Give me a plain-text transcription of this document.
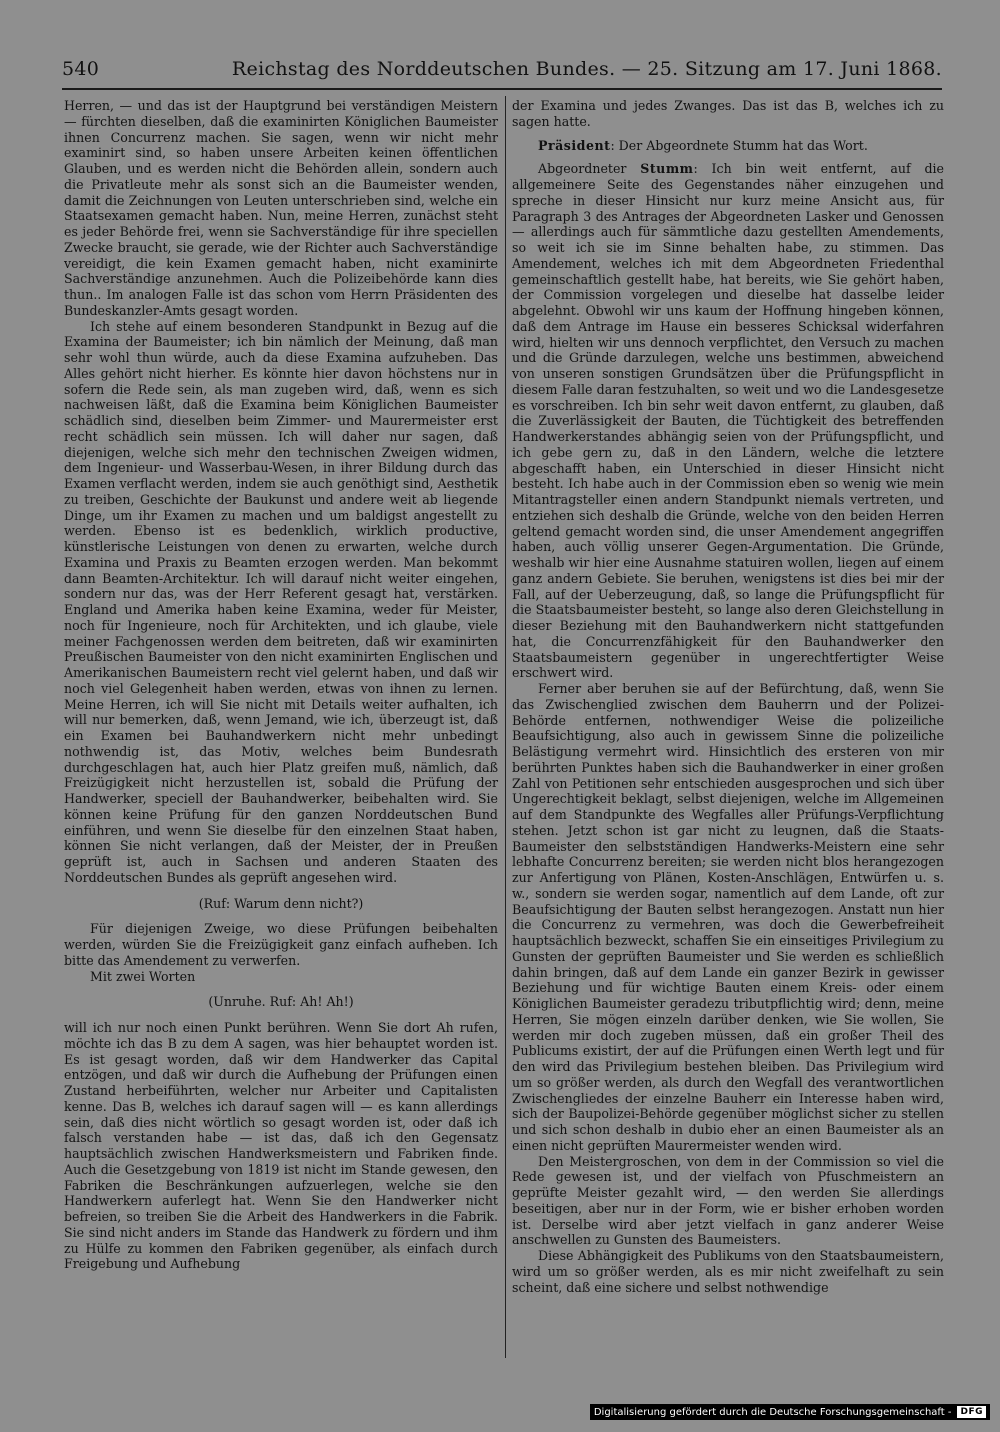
540	Reichstag des Norddeutschen Bundes. — 25. Sitzung am 17. Juni 1868.

Herren, — und das ist der Hauptgrund bei verständigen Meistern — fürchten dieselben, daß die examinirten Königlichen Baumeister ihnen Concurrenz machen. Sie sagen, wenn wir nicht mehr examinirt sind, so haben unsere Arbeiten keinen öffentlichen Glauben, und es werden nicht die Behörden allein, sondern auch die Privatleute mehr als sonst sich an die Baumeister wenden, damit die Zeichnungen von Leuten unterschrieben sind, welche ein Staatsexamen gemacht haben. Nun, meine Herren, zunächst steht es jeder Behörde frei, wenn sie Sachverständige für ihre speciellen Zwecke braucht, sie gerade, wie der Richter auch Sachverständige vereidigt, die kein Examen gemacht haben, nicht examinirte Sachverständige anzunehmen. Auch die Polizeibehörde kann dies thun.. Im analogen Falle ist das schon vom Herrn Präsidenten des Bundeskanzler-Amts gesagt worden.

Ich stehe auf einem besonderen Standpunkt in Bezug auf die Examina der Baumeister; ich bin nämlich der Meinung, daß man sehr wohl thun würde, auch da diese Examina aufzuheben. Das Alles gehört nicht hierher. Es könnte hier davon höchstens nur in sofern die Rede sein, als man zugeben wird, daß, wenn es sich nachweisen läßt, daß die Examina beim Königlichen Baumeister schädlich sind, dieselben beim Zimmer- und Maurermeister erst recht schädlich sein müssen. Ich will daher nur sagen, daß diejenigen, welche sich mehr den technischen Zweigen widmen, dem Ingenieur- und Wasserbau-Wesen, in ihrer Bildung durch das Examen verflacht werden, indem sie auch genöthigt sind, Aesthetik zu treiben, Geschichte der Baukunst und andere weit ab liegende Dinge, um ihr Examen zu machen und um baldigst angestellt zu werden. Ebenso ist es bedenklich, wirklich productive, künstlerische Leistungen von denen zu erwarten, welche durch Examina und Praxis zu Beamten erzogen werden. Man bekommt dann Beamten-Architektur. Ich will darauf nicht weiter eingehen, sondern nur das, was der Herr Referent gesagt hat, verstärken. England und Amerika haben keine Examina, weder für Meister, noch für Ingenieure, noch für Architekten, und ich glaube, viele meiner Fachgenossen werden dem beitreten, daß wir examinirten Preußischen Baumeister von den nicht examinirten Englischen und Amerikanischen Baumeistern recht viel gelernt haben, und daß wir noch viel Gelegenheit haben werden, etwas von ihnen zu lernen. Meine Herren, ich will Sie nicht mit Details weiter aufhalten, ich will nur bemerken, daß, wenn Jemand, wie ich, überzeugt ist, daß ein Examen bei Bauhandwerkern nicht mehr unbedingt nothwendig ist, das Motiv, welches beim Bundesrath durchgeschlagen hat, auch hier Platz greifen muß, nämlich, daß Freizügigkeit nicht herzustellen ist, sobald die Prüfung der Handwerker, speciell der Bauhandwerker, beibehalten wird. Sie können keine Prüfung für den ganzen Norddeutschen Bund einführen, und wenn Sie dieselbe für den einzelnen Staat haben, können Sie nicht verlangen, daß der Meister, der in Preußen geprüft ist, auch in Sachsen und anderen Staaten des Norddeutschen Bundes als geprüft angesehen wird.

(Ruf: Warum denn nicht?)

Für diejenigen Zweige, wo diese Prüfungen beibehalten werden, würden Sie die Freizügigkeit ganz einfach aufheben. Ich bitte das Amendement zu verwerfen.

Mit zwei Worten

(Unruhe. Ruf: Ah! Ah!)

will ich nur noch einen Punkt berühren. Wenn Sie dort Ah rufen, möchte ich das B zu dem A sagen, was hier behauptet worden ist. Es ist gesagt worden, daß wir dem Handwerker das Capital entzögen, und daß wir durch die Aufhebung der Prüfungen einen Zustand herbeiführten, welcher nur Arbeiter und Capitalisten kenne. Das B, welches ich darauf sagen will — es kann allerdings sein, daß dies nicht wörtlich so gesagt worden ist, oder daß ich falsch verstanden habe — ist das, daß ich den Gegensatz hauptsächlich zwischen Handwerksmeistern und Fabriken finde. Auch die Gesetzgebung von 1819 ist nicht im Stande gewesen, den Fabriken die Beschränkungen aufzuerlegen, welche sie den Handwerkern auferlegt hat. Wenn Sie den Handwerker nicht befreien, so treiben Sie die Arbeit des Handwerkers in die Fabrik. Sie sind nicht anders im Stande das Handwerk zu fördern und ihm zu Hülfe zu kommen den Fabriken gegenüber, als einfach durch Freigebung und Aufhebung

der Examina und jedes Zwanges. Das ist das B, welches ich zu sagen hatte.

Präsident: Der Abgeordnete Stumm hat das Wort.

Abgeordneter Stumm: Ich bin weit entfernt, auf die allgemeinere Seite des Gegenstandes näher einzugehen und spreche in dieser Hinsicht nur kurz meine Ansicht aus, für Paragraph 3 des Antrages der Abgeordneten Lasker und Genossen — allerdings auch für sämmtliche dazu gestellten Amendements, so weit ich sie im Sinne behalten habe, zu stimmen. Das Amendement, welches ich mit dem Abgeordneten Friedenthal gemeinschaftlich gestellt habe, hat bereits, wie Sie gehört haben, der Commission vorgelegen und dieselbe hat dasselbe leider abgelehnt. Obwohl wir uns kaum der Hoffnung hingeben können, daß dem Antrage im Hause ein besseres Schicksal widerfahren wird, hielten wir uns dennoch verpflichtet, den Versuch zu machen und die Gründe darzulegen, welche uns bestimmen, abweichend von unseren sonstigen Grundsätzen über die Prüfungspflicht in diesem Falle daran festzuhalten, so weit und wo die Landesgesetze es vorschreiben. Ich bin sehr weit davon entfernt, zu glauben, daß die Zuverlässigkeit der Bauten, die Tüchtigkeit des betreffenden Handwerkerstandes abhängig seien von der Prüfungspflicht, und ich gebe gern zu, daß in den Ländern, welche die letztere abgeschafft haben, ein Unterschied in dieser Hinsicht nicht besteht. Ich habe auch in der Commission eben so wenig wie mein Mitantragsteller einen andern Standpunkt niemals vertreten, und entziehen sich deshalb die Gründe, welche von den beiden Herren geltend gemacht worden sind, die unser Amendement angegriffen haben, auch völlig unserer Gegen-Argumentation. Die Gründe, weshalb wir hier eine Ausnahme statuiren wollen, liegen auf einem ganz andern Gebiete. Sie beruhen, wenigstens ist dies bei mir der Fall, auf der Ueberzeugung, daß, so lange die Prüfungspflicht für die Staatsbaumeister besteht, so lange also deren Gleichstellung in dieser Beziehung mit den Bauhandwerkern nicht stattgefunden hat, die Concurrenzfähigkeit für den Bauhandwerker den Staatsbaumeistern gegenüber in ungerechtfertigter Weise erschwert wird.

Ferner aber beruhen sie auf der Befürchtung, daß, wenn Sie das Zwischenglied zwischen dem Bauherrn und der Polizei-Behörde entfernen, nothwendiger Weise die polizeiliche Beaufsichtigung, also auch in gewissem Sinne die polizeiliche Belästigung vermehrt wird. Hinsichtlich des ersteren von mir berührten Punktes haben sich die Bauhandwerker in einer großen Zahl von Petitionen sehr entschieden ausgesprochen und sich über Ungerechtigkeit beklagt, selbst diejenigen, welche im Allgemeinen auf dem Standpunkte des Wegfalles aller Prüfungs-Verpflichtung stehen. Jetzt schon ist gar nicht zu leugnen, daß die Staats-Baumeister den selbstständigen Handwerks-Meistern eine sehr lebhafte Concurrenz bereiten; sie werden nicht blos herangezogen zur Anfertigung von Plänen, Kosten-Anschlägen, Entwürfen u. s. w., sondern sie werden sogar, namentlich auf dem Lande, oft zur Beaufsichtigung der Bauten selbst herangezogen. Anstatt nun hier die Concurrenz zu vermehren, was doch die Gewerbefreiheit hauptsächlich bezweckt, schaffen Sie ein einseitiges Privilegium zu Gunsten der geprüften Baumeister und Sie werden es schließlich dahin bringen, daß auf dem Lande ein ganzer Bezirk in gewisser Beziehung und für wichtige Bauten einem Kreis- oder einem Königlichen Baumeister geradezu tributpflichtig wird; denn, meine Herren, Sie mögen einzeln darüber denken, wie Sie wollen, Sie werden mir doch zugeben müssen, daß ein großer Theil des Publicums existirt, der auf die Prüfungen einen Werth legt und für den wird das Privilegium bestehen bleiben. Das Privilegium wird um so größer werden, als durch den Wegfall des verantwortlichen Zwischengliedes der einzelne Bauherr ein Interesse haben wird, sich der Baupolizei-Behörde gegenüber möglichst sicher zu stellen und sich schon deshalb in dubio eher an einen Baumeister als an einen nicht geprüften Maurermeister wenden wird.

Den Meistergroschen, von dem in der Commission so viel die Rede gewesen ist, und der vielfach von Pfuschmeistern an geprüfte Meister gezahlt wird, — den werden Sie allerdings beseitigen, aber nur in der Form, wie er bisher erhoben worden ist. Derselbe wird aber jetzt vielfach in ganz anderer Weise anschwellen zu Gunsten des Baumeisters.

Diese Abhängigkeit des Publikums von den Staatsbaumeistern, wird um so größer werden, als es mir nicht zweifelhaft zu sein scheint, daß eine sichere und selbst nothwendige

Digitalisierung gefördert durch die Deutsche Forschungsgemeinschaft -	DFG
